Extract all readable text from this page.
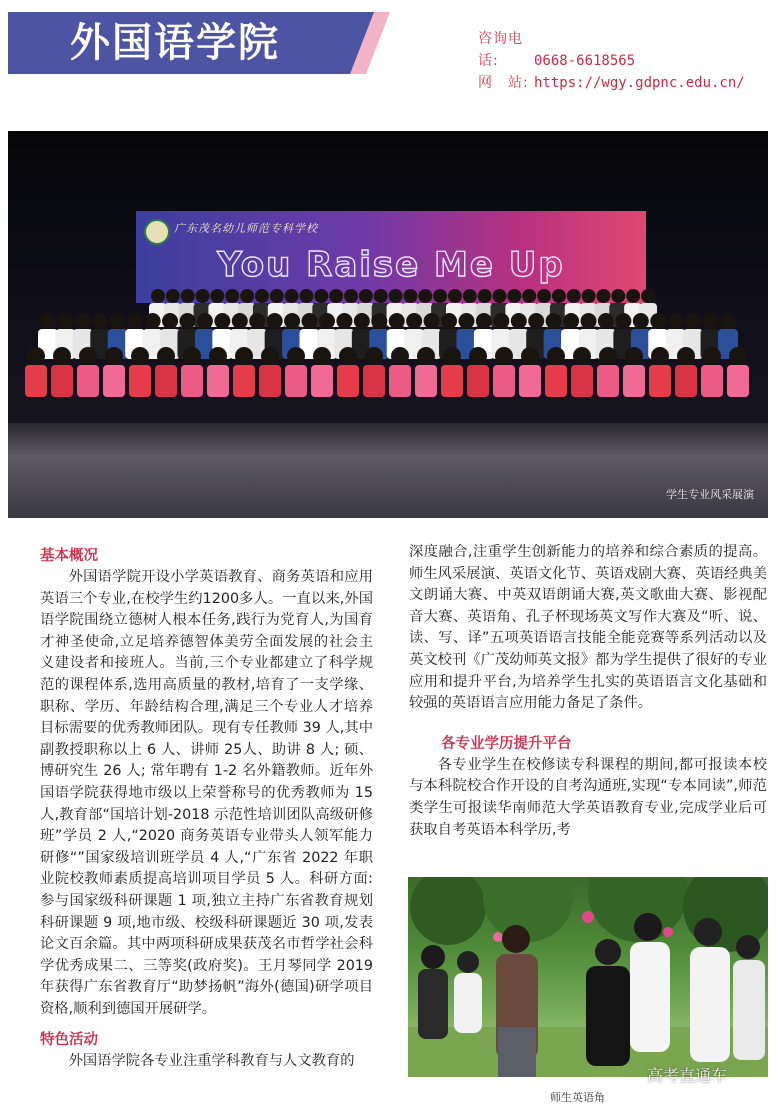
外国语学院	咨询电话:	0668-6618565
网　站: https://wgy.gdpnc.edu.cn/
广东茂名幼儿师范专科学校
You Raise Me Up
学生专业风采展演
基本概况

外国语学院开设小学英语教育、商务英语和应用英语三个专业,在校学生约1200多人。一直以来,外国语学院围绕立德树人根本任务,践行为党育人,为国育才神圣使命,立足培养德智体美劳全面发展的社会主义建设者和接班人。当前,三个专业都建立了科学规范的课程体系,选用高质量的教材,培育了一支学缘、职称、学历、年龄结构合理,满足三个专业人才培养目标需要的优秀教师团队。现有专任教师 39 人,其中副教授职称以上 6 人、讲师 25人、助讲 8 人; 硕、博研究生 26 人; 常年聘有 1-2 名外籍教师。近年外国语学院获得地市级以上荣誉称号的优秀教师为 15 人,教育部“国培计划-2018 示范性培训团队高级研修班”学员 2 人,“2020 商务英语专业带头人领军能力研修“”国家级培训班学员 4 人,“广东省 2022 年职业院校教师素质提高培训项目学员 5 人。科研方面:参与国家级科研课题 1 项,独立主持广东省教育规划科研课题 9 项,地市级、校级科研课题近 30 项,发表论文百余篇。其中两项科研成果获茂名市哲学社会科学优秀成果二、三等奖(政府奖)。王月琴同学 2019 年获得广东省教育厅“助梦扬帆”海外(德国)研学项目资格,顺利到德国开展研学。

特色活动

外国语学院各专业注重学科教育与人文教育的

深度融合,注重学生创新能力的培养和综合素质的提高。师生风采展演、英语文化节、英语戏剧大赛、英语经典美文朗诵大赛、中英双语朗诵大赛,英文歌曲大赛、影视配音大赛、英语角、孔子杯现场英文写作大赛及“听、说、读、写、译”五项英语语言技能全能竞赛等系列活动以及英文校刊《广茂幼师英文报》都为学生提供了很好的专业应用和提升平台,为培养学生扎实的英语语言文化基础和较强的英语语言应用能力备足了条件。

各专业学历提升平台

各专业学生在校修读专科课程的期间,都可报读本校与本科院校合作开设的自考沟通班,实现“专本同读”,师范类学生可报读华南师范大学英语教育专业,完成学业后可获取自考英语本科学历,考

师生英语角
高考直通车
